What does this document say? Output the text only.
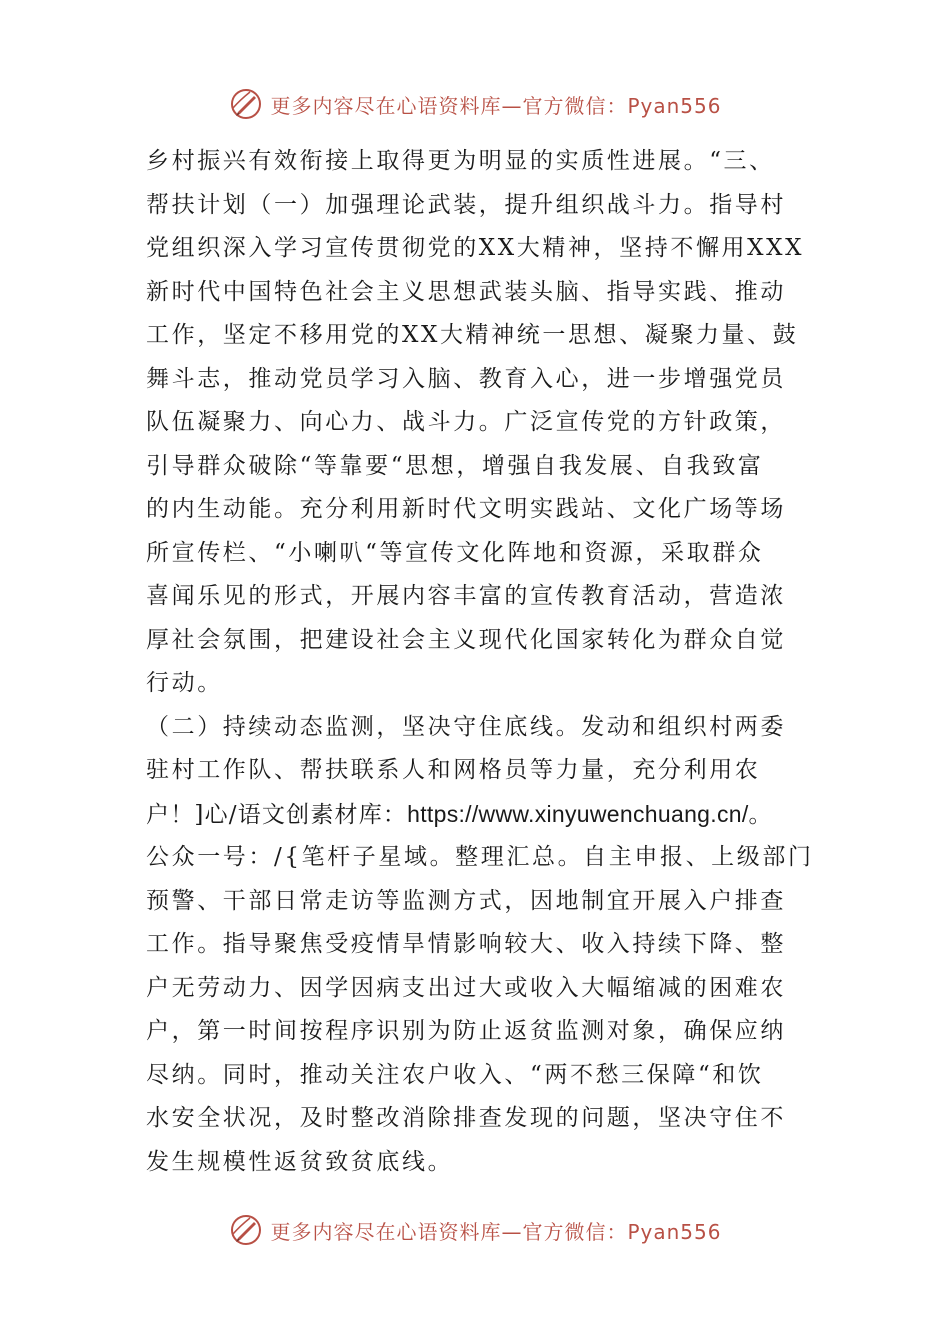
更多内容尽在心语资料库—官方微信：Pyan556
乡村振兴有效衔接上取得更为明显的实质性进展。“三、
帮扶计划（一）加强理论武装，提升组织战斗力。指导村
党组织深入学习宣传贯彻党的XX大精神，坚持不懈用XXX
新时代中国特色社会主义思想武装头脑、指导实践、推动
工作，坚定不移用党的XX大精神统一思想、凝聚力量、鼓
舞斗志，推动党员学习入脑、教育入心，进一步增强党员
队伍凝聚力、向心力、战斗力。广泛宣传党的方针政策，
引导群众破除“等靠要“思想，增强自我发展、自我致富
的内生动能。充分利用新时代文明实践站、文化广场等场
所宣传栏、“小喇叭“等宣传文化阵地和资源，采取群众
喜闻乐见的形式，开展内容丰富的宣传教育活动，营造浓
厚社会氛围，把建设社会主义现代化国家转化为群众自觉
行动。
（二）持续动态监测，坚决守住底线。发动和组织村两委
驻村工作队、帮扶联系人和网格员等力量，充分利用农
户！]心/语文创素材库：https://www.xinyuwenchuang.cn/。
公众一号：/{笔杆子星域。整理汇总。自主申报、上级部门
预警、干部日常走访等监测方式，因地制宜开展入户排查
工作。指导聚焦受疫情旱情影响较大、收入持续下降、整
户无劳动力、因学因病支出过大或收入大幅缩减的困难农
户，第一时间按程序识别为防止返贫监测对象，确保应纳
尽纳。同时，推动关注农户收入、“两不愁三保障“和饮
水安全状况，及时整改消除排查发现的问题，坚决守住不
发生规模性返贫致贫底线。
更多内容尽在心语资料库—官方微信：Pyan556
